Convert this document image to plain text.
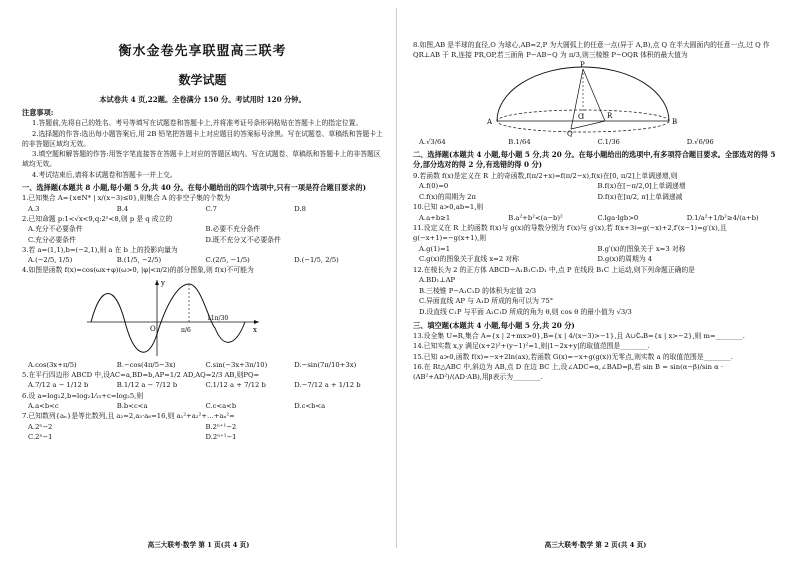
衡水金卷先享联盟高三联考
数学试题
本试卷共 4 页,22题。全卷满分 150 分。考试用时 120 分钟。
注意事项:

1.答题前,先将自己的姓名、考号等填写在试题卷和答题卡上,并将准考证号条形码粘贴在答题卡上的指定位置。

2.选择题的作答:选出每小题答案后,用 2B 铅笔把答题卡上对应题目的答案标号涂黑。写在试题卷、草稿纸和答题卡上的非答题区域均无效。

3.填空题和解答题的作答:用签字笔直接答在答题卡上对应的答题区域内。写在试题卷、草稿纸和答题卡上的非答题区域均无效。

4.考试结束后,请将本试题卷和答题卡一并上交。

一、选择题(本题共 8 小题,每小题 5 分,共 40 分。在每小题给出的四个选项中,只有一项是符合题目要求的)

1.已知集合 A={x∈N* | x/(x−3)≤0},则集合 A 的非空子集的个数为

A.3	B.4	C.7	D.8

2.已知命题 p:1<√x<9,q:2ˣ<8,则 p 是 q 成立的

A.充分不必要条件	B.必要不充分条件
C.充分必要条件	D.既不充分又不必要条件

3.若 a=(1,1),b=(−2,1),则 a 在 b 上的投影向量为

A.(−2/5, 1/5)	B.(1/5, −2/5)	C.(2/5, −1/5)	D.(−1/5, 2/5)

4.如图是函数 f(x)=cos(ωx+φ)(ω>0, |φ|<π/2)的部分图象,则 f(x)不可能为

y
x
O	π/6
11π/30
A.cos(3x+π/5)	B.−cos(4π/5−3x)	C.sin(−3x+3π/10)	D.−sin(7π/10+3x)

5.在平行四边形 ABCD 中,设AC=a,BD=b,AP=1/2 AD,AQ=2/3 AB,则PQ=

A.7/12 a − 1/12 b	B.1/12 a − 7/12 b	C.1/12 a + 7/12 b	D.−7/12 a + 1/12 b

6.设 a=log₂2,b=log₂1⁄₁₅+c=log₂5,则

A.a<b<c	B.b<c<a	C.c<a<b	D.c<b<a

7.已知数列{aₙ}是等比数列,且 a₂=2,a₃·a₆=16,则 a₁²+a₂²+…+aₙ²=

A.2ⁿ−2	B.2ⁿ⁺¹−2
C.2ⁿ−1	D.2ⁿ⁺¹−1
高三大联考·数学 第 1 页(共 4 页)

8.如图,AB 是半球的直径,O 为球心,AB=2,P 为大圆弧上的任意一点(异于 A,B),点 Q 在半大圆面内的任意一点,过 Q 作 QR⊥AB 于 R,连接 PR,OP,若三面角 P−AB−Q 为 π/3,则三棱锥 P−OQR 体积的最大值为

P
A	B
O
Q
R
A.√3/64	B.1/64	C.1/36	D.√6/96
二、选择题(本题共 4 小题,每小题 5 分,共 20 分。在每小题给出的选项中,有多项符合题目要求。全部选对的得 5 分,部分选对的得 2 分,有选错的得 0 分)

9.若函数 f(x)是定义在 R 上的奇函数,f(π/2+x)=f(π/2−x),f(x)在[0, π/2]上单调递增,则

A.f(0)=0	B.f(x)在[−π/2,0]上单调递增
C.f(x)的周期为 2π	D.f(x)在[π/2, π]上单调递减

10.已知 a>0,ab=1,则

A.a+b≥1	B.a²+b²<(a−b)²	C.lga·lgb>0	D.1/a²+1/b²≥4/(a+b)

11.设定义在 R 上的函数 f(x)与 g(x)的导数分别为 f′(x)与 g′(x),若 f(x+3)=g(−x)+2,f′(x−1)=g′(x),且 g(−x+1)=−g(x+1),则

A.g(1)=1	B.g′(x)的图象关于 x=3 对称
C.g(x)的图象关于直线 x=2 对称	D.g(x)的周期为 4

12.在棱长为 2 的正方体 ABCD−A₁B₁C₁D₁ 中,点 P 在线段 B₁C 上运动,则下列命题正确的是

A.BD₁⊥AP
B.三棱锥 P−A₁C₁D 的体积为定值 2/3
C.异面直线 AP 与 A₁D 所成的角可以为 75°
D.设直线 C₁P 与平面 A₁C₁D 所成的角为 θ,则 cos θ 的最小值为 √3/3
三、填空题(本题共 4 小题,每小题 5 分,共 20 分)

13.设全集 U=R,集合 A={x | 2+mx>0},B={x | 4/(x−3)>−1},且 A∪∁ᵤB={x | x>−2},则 m=________.

14.已知实数 x,y 满足(x+2)²+(y−1)²=1,则|1−2x+y|的取值范围是________.

15.已知 a>0,函数 f(x)=−x+2ln(ax),若函数 G(x)=−x+g(g(x))无零点,则实数 a 的取值范围是________.

16.在 Rt△ABC 中,斜边为 AB,点 D 在边 BC 上,设∠ADC=α,∠BAD=β,若 sin B = sin(α−β)/sin α · (AB²+AD²)/(AD·AB),用β表示为________.

高三大联考·数学 第 2 页(共 4 页)
